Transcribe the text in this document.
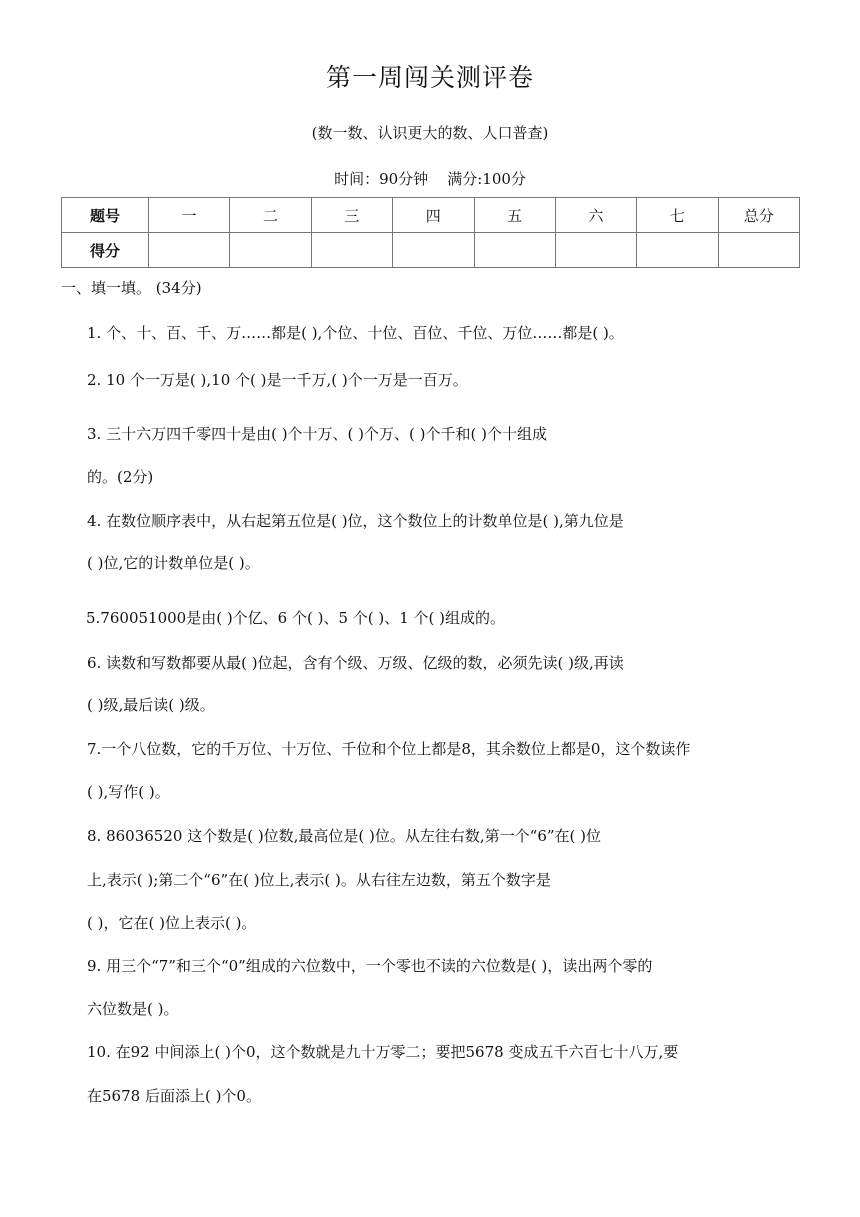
第一周闯关测评卷
(数一数、认识更大的数、人口普查)
时间：90分钟    满分:100分
题号	一	二	三	四	五	六	七	总分
得分								
一、填一填。 (34分)
1. 个、十、百、千、万……都是( ),个位、十位、百位、千位、万位……都是( )。
2. 10 个一万是( ),10 个( )是一千万,( )个一万是一百万。
3. 三十六万四千零四十是由( )个十万、( )个万、( )个千和( )个十组成
的。(2分)
4. 在数位顺序表中，从右起第五位是( )位，这个数位上的计数单位是( ),第九位是
( )位,它的计数单位是( )。
5.760051000是由( )个亿、6 个( )、5 个( )、1 个( )组成的。
6. 读数和写数都要从最( )位起，含有个级、万级、亿级的数，必须先读( )级,再读
( )级,最后读( )级。
7.一个八位数，它的千万位、十万位、千位和个位上都是8，其余数位上都是0，这个数读作
( ),写作( )。
8. 86036520 这个数是( )位数,最高位是( )位。从左往右数,第一个“6”在( )位
上,表示( );第二个“6”在( )位上,表示( )。从右往左边数，第五个数字是
( )，它在( )位上表示( )。
9. 用三个“7”和三个“0”组成的六位数中，一个零也不读的六位数是( )，读出两个零的
六位数是( )。
10. 在92 中间添上( )个0，这个数就是九十万零二；要把5678 变成五千六百七十八万,要
在5678 后面添上( )个0。
